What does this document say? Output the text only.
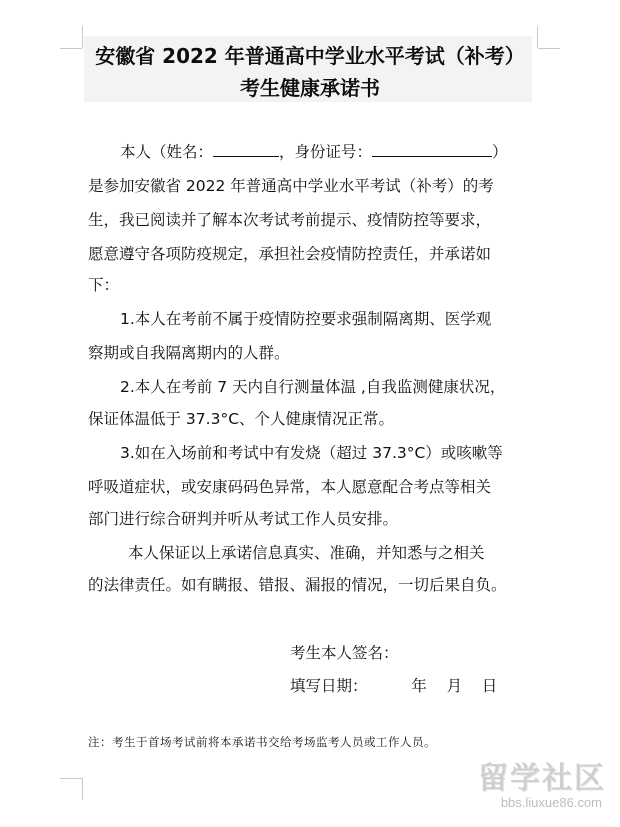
安徽省 2022 年普通高中学业水平考试（补考）
考生健康承诺书
本人（姓名：	，身份证号：	）
是参加安徽省 2022 年普通高中学业水平考试（补考）的考
生，我已阅读并了解本次考试考前提示、疫情防控等要求，
愿意遵守各项防疫规定，承担社会疫情防控责任，并承诺如
下：
1.本人在考前不属于疫情防控要求强制隔离期、医学观
察期或自我隔离期内的人群。
2.本人在考前 7 天内自行测量体温 ,自我监测健康状况，
保证体温低于 37.3°C、个人健康情况正常。
3.如在入场前和考试中有发烧（超过 37.3°C）或咳嗽等
呼吸道症状，或安康码码色异常，本人愿意配合考点等相关
部门进行综合研判并听从考试工作人员安排。
本人保证以上承诺信息真实、准确，并知悉与之相关
的法律责任。如有瞒报、错报、漏报的情况，一切后果自负。
考生本人签名：
填写日期：	年    月    日
注：考生于首场考试前将本承诺书交给考场监考人员或工作人员。
留学社区
bbs.liuxue86.com
